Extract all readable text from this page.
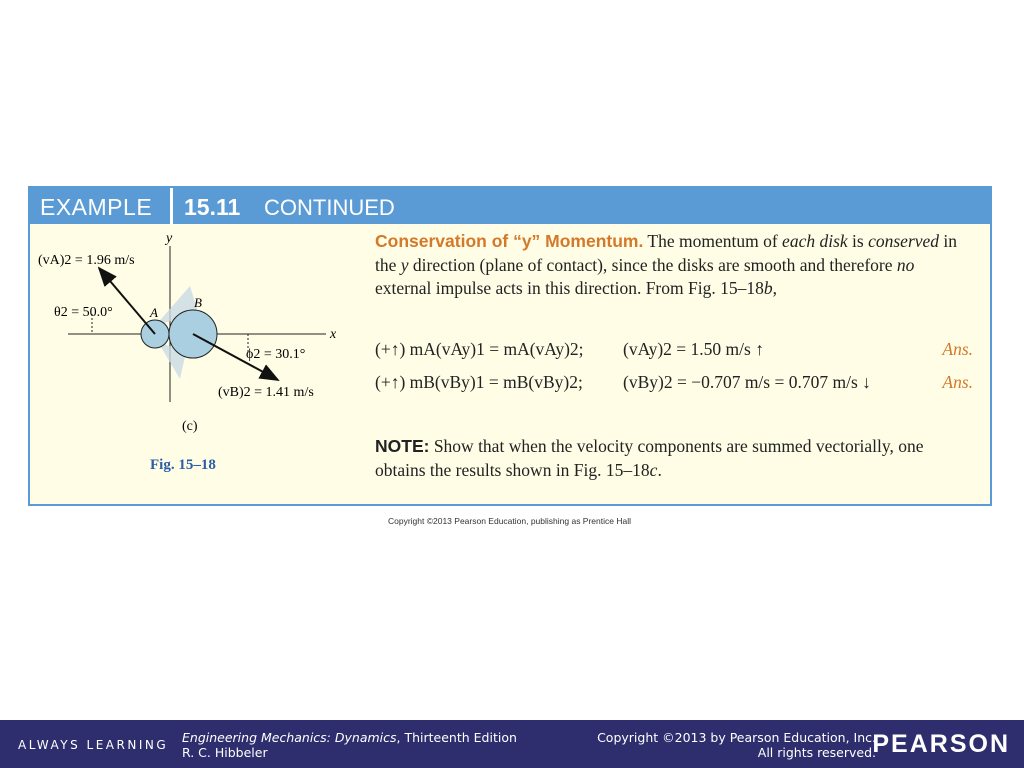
EXAMPLE 15.11 CONTINUED
y
x
A
B
(vA)2 = 1.96 m/s
θ2 = 50.0°
ϕ2 = 30.1°
(vB)2 = 1.41 m/s
(c)
Fig. 15–18
Conservation of “y” Momentum. The momentum of each disk is conserved in the y direction (plane of contact), since the disks are smooth and therefore no external impulse acts in this direction. From Fig. 15–18b,
(+↑) mA(vAy)1 = mA(vAy)2; (vAy)2 = 1.50 m/s ↑	Ans.
(+↑) mB(vBy)1 = mB(vBy)2; (vBy)2 = −0.707 m/s = 0.707 m/s ↓	Ans.
NOTE: Show that when the velocity components are summed vectorially, one obtains the results shown in Fig. 15–18c.
Copyright ©2013 Pearson Education, publishing as Prentice Hall
ALWAYS LEARNING Engineering Mechanics: Dynamics, Thirteenth Edition
R. C. Hibbeler
Copyright ©2013 by Pearson Education, Inc.
All rights reserved.
PEARSON
